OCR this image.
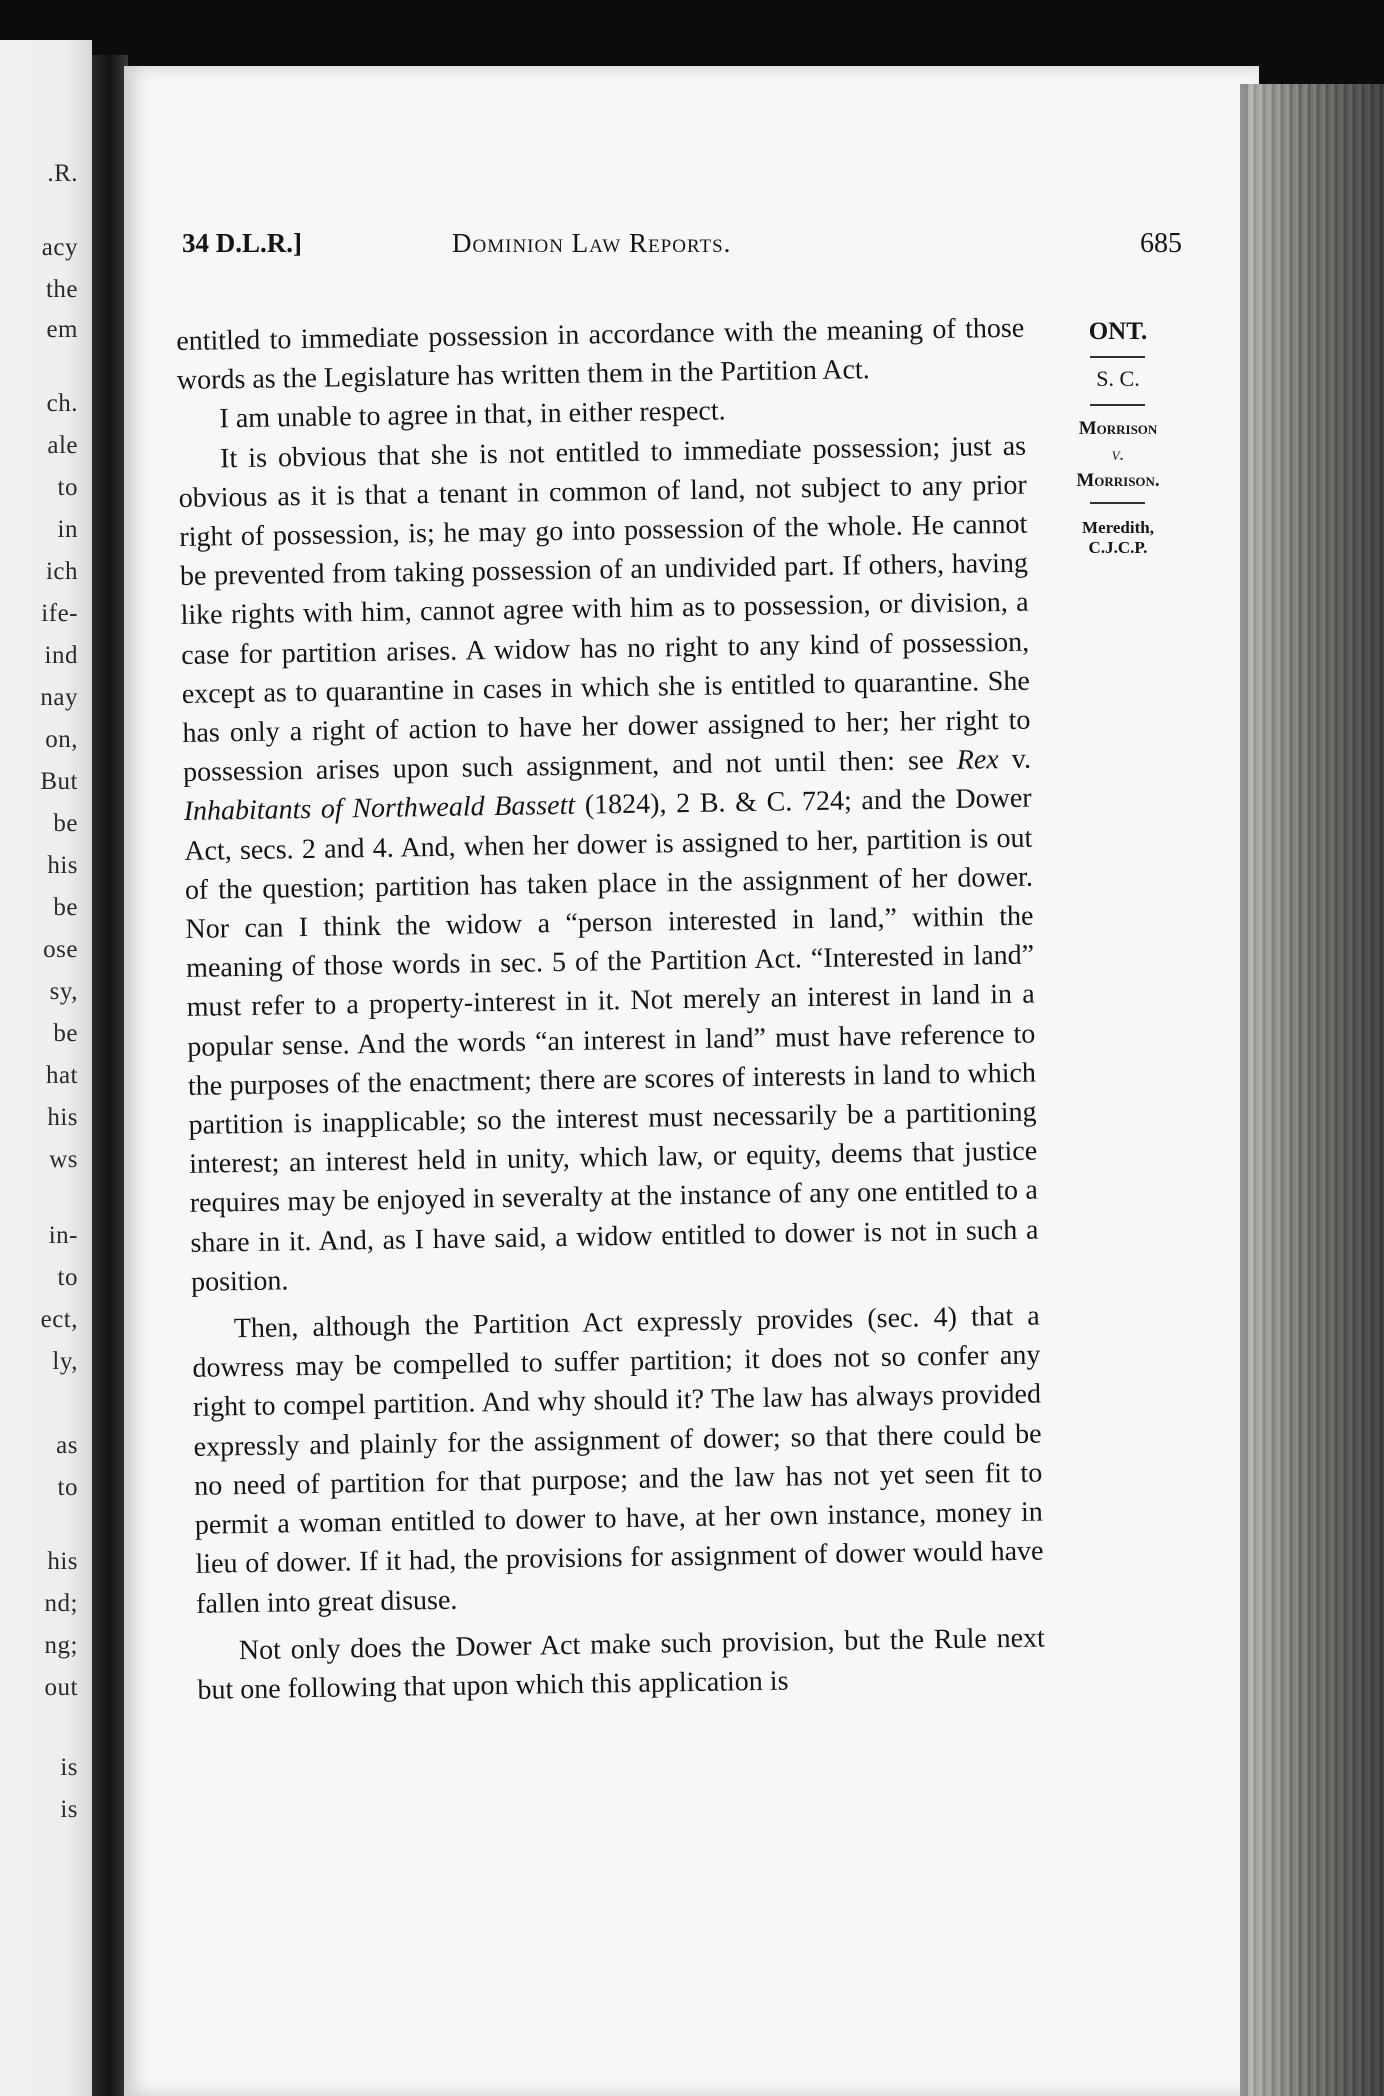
.R.
acy
the
em
ch.
ale
to
in
ich
ife-
ind
nay
on,
But
be
his
be
ose
sy,
be
hat
his
ws
in-
to
ect,
ly,
as
to
his
nd;
ng;
out
is
is
34 D.L.R.]	Dominion Law Reports.	685
ONT.
S. C.
Morrison
v.
Morrison.
Meredith,
C.J.C.P.

entitled to immediate possession in accordance with the meaning of those words as the Legislature has written them in the Partition Act.

I am unable to agree in that, in either respect.

It is obvious that she is not entitled to immediate possession; just as obvious as it is that a tenant in common of land, not subject to any prior right of possession, is; he may go into possession of the whole. He cannot be prevented from taking possession of an undivided part. If others, having like rights with him, cannot agree with him as to possession, or division, a case for partition arises. A widow has no right to any kind of possession, except as to quarantine in cases in which she is entitled to quarantine. She has only a right of action to have her dower assigned to her; her right to possession arises upon such assignment, and not until then: see Rex v. Inhabitants of Northweald Bassett (1824), 2 B. & C. 724; and the Dower Act, secs. 2 and 4. And, when her dower is assigned to her, partition is out of the question; partition has taken place in the assignment of her dower. Nor can I think the widow a “person interested in land,” within the meaning of those words in sec. 5 of the Partition Act. “Interested in land” must refer to a property-interest in it. Not merely an interest in land in a popular sense. And the words “an interest in land” must have reference to the purposes of the enactment; there are scores of interests in land to which partition is inapplicable; so the interest must necessarily be a partitioning interest; an interest held in unity, which law, or equity, deems that justice requires may be enjoyed in severalty at the instance of any one entitled to a share in it. And, as I have said, a widow entitled to dower is not in such a position.

Then, although the Partition Act expressly provides (sec. 4) that a dowress may be compelled to suffer partition; it does not so confer any right to compel partition. And why should it? The law has always provided expressly and plainly for the assignment of dower; so that there could be no need of partition for that purpose; and the law has not yet seen fit to permit a woman entitled to dower to have, at her own instance, money in lieu of dower. If it had, the provisions for assignment of dower would have fallen into great disuse.

Not only does the Dower Act make such provision, but the Rule next but one following that upon which this application is
